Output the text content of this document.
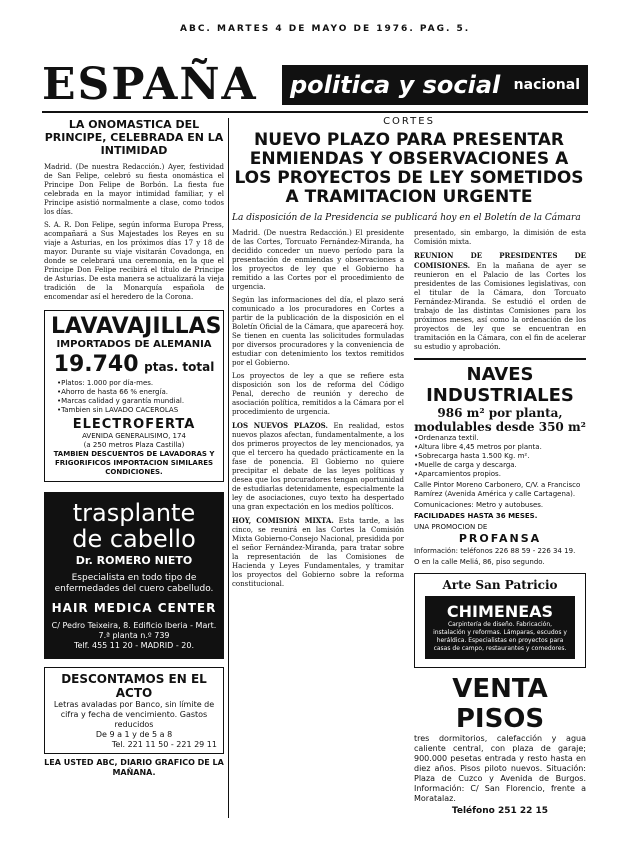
ABC. MARTES 4 DE MAYO DE 1976. PAG. 5.
ESPAÑA	politica y social nacional
LA ONOMASTICA DEL PRINCIPE, CELEBRADA EN LA INTIMIDAD

Madrid. (De nuestra Redacción.) Ayer, festividad de San Felipe, celebró su fiesta onomástica el Principe Don Felipe de Borbón. La fiesta fue celebrada en la mayor intimidad familiar, y el Principe asistió normalmente a clase, como todos los días.

S. A. R. Don Felipe, según informa Europa Press, acompañará a Sus Majestades los Reyes en su viaje a Asturias, en los próximos días 17 y 18 de mayor. Durante su viaje visitarán Covadonga, en donde se celebrará una ceremonia, en la que el Principe Don Felipe recibirá el título de Principe de Asturias. De esta manera se actualizará la vieja tradición de la Monarquía española de encomendar así el heredero de la Corona.

LAVAVAJILLAS
IMPORTADOS DE ALEMANIA
19.740 ptas. total
• Platos: 1.000 por día-mes.
• Ahorro de hasta 66 % energía.
• Marcas calidad y garantía mundial.
• Tambien sin LAVADO CACEROLAS
ELECTROFERTA
AVENIDA GENERALISIMO, 174
(a 250 metros Plaza Castilla)
TAMBIEN DESCUENTOS DE LAVADORAS Y FRIGORIFICOS IMPORTACION SIMILARES CONDICIONES.
trasplante
de cabello
Dr. ROMERO NIETO
Especialista en todo tipo de enfermedades del cuero cabelludo.
HAIR MEDICA CENTER
C/ Pedro Teixeira, 8. Edificio Iberia - Mart. 7.ª planta n.º 739
Telf. 455 11 20 - MADRID - 20.
DESCONTAMOS EN EL ACTO
Letras avaladas por Banco, sin límite de cifra y fecha de vencimiento. Gastos reducidos
De 9 a 1 y de 5 a 8
Tel. 221 11 50 - 221 29 11
LEA USTED ABC, DIARIO GRAFICO DE LA MAÑANA.
CORTES
NUEVO PLAZO PARA PRESENTAR ENMIENDAS Y OBSERVACIONES A LOS PROYECTOS DE LEY SOMETIDOS A TRAMITACION URGENTE
La disposición de la Presidencia se publicará hoy en el Boletín de la Cámara

Madrid. (De nuestra Redacción.) El presidente de las Cortes, Torcuato Fernández-Miranda, ha decidido conceder un nuevo período para la presentación de enmiendas y observaciones a los proyectos de ley que el Gobierno ha remitido a las Cortes por el procedimiento de urgencia.

Según las informaciones del día, el plazo será comunicado a los procuradores en Cortes a partir de la publicación de la disposición en el Boletín Oficial de la Cámara, que aparecerá hoy. Se tienen en cuenta las solicitudes formuladas por diversos procuradores y la conveniencia de estudiar con detenimiento los textos remitidos por el Gobierno.

Los proyectos de ley a que se refiere esta disposición son los de reforma del Código Penal, derecho de reunión y derecho de asociación política, remitidos a la Cámara por el procedimiento de urgencia.

LOS NUEVOS PLAZOS. En realidad, estos nuevos plazos afectan, fundamentalmente, a los dos primeros proyectos de ley mencionados, ya que el tercero ha quedado prácticamente en la fase de ponencia. El Gobierno no quiere precipitar el debate de las leyes políticas y desea que los procuradores tengan oportunidad de estudiarlas detenidamente, especialmente la ley de asociaciones, cuyo texto ha despertado una gran expectación en los medios políticos.

HOY, COMISION MIXTA. Esta tarde, a las cinco, se reunirá en las Cortes la Comisión Mixta Gobierno-Consejo Nacional, presidida por el señor Fernández-Miranda, para tratar sobre la representación de las Comisiones de Hacienda y Leyes Fundamentales, y tramitar los proyectos del Gobierno sobre la reforma constitucional.

presentado, sin embargo, la dimisión de esta Comisión mixta.

REUNION DE PRESIDENTES DE COMISIONES. En la mañana de ayer se reunieron en el Palacio de las Cortes los presidentes de las Comisiones legislativas, con el titular de la Cámara, don Torcuato Fernández-Miranda. Se estudió el orden de trabajo de las distintas Comisiones para los próximos meses, así como la ordenación de los proyectos de ley que se encuentran en tramitación en la Cámara, con el fin de acelerar su estudio y aprobación.

NAVES INDUSTRIALES
986 m² por planta,
modulables desde 350 m²
• Ordenanza textil.
• Altura libre 4,45 metros por planta.
• Sobrecarga hasta 1.500 Kg. m².
• Muelle de carga y descarga.
• Aparcamientos propios.
Calle Pintor Moreno Carbonero, C/V. a Francisco Ramírez (Avenida América y calle Cartagena).
Comunicaciones: Metro y autobuses.
FACILIDADES HASTA 36 MESES.
UNA PROMOCION DE
PROFANSA
Información: teléfonos 226 88 59 - 226 34 19.
O en la calle Meliá, 86, piso segundo.
Arte San Patricio
CHIMENEAS
Carpintería de diseño. Fabricación, instalación y reformas. Lámparas, escudos y heráldica. Especialistas en proyectos para casas de campo, restaurantes y comedores.
VENTA PISOS
tres dormitorios, calefacción y agua caliente central, con plaza de garaje; 900.000 pesetas entrada y resto hasta en diez años. Pisos piloto nuevos. Situación: Plaza de Cuzco y Avenida de Burgos. Información: C/ San Florencio, frente a Moratalaz.
Teléfono 251 22 15
